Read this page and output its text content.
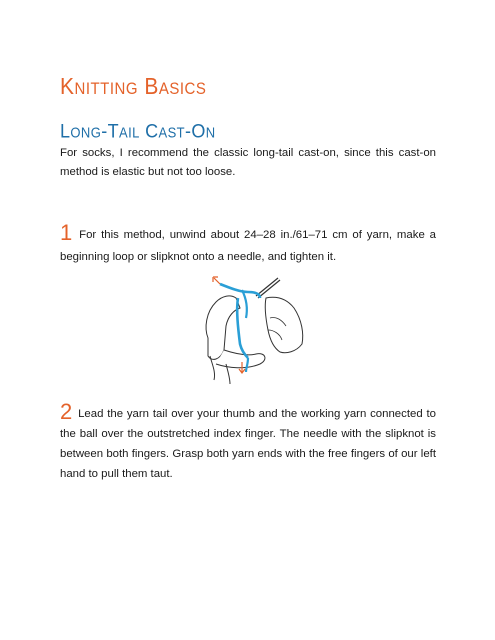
Knitting Basics
Long-Tail Cast-On

For socks, I recommend the classic long-tail cast-on, since this cast-on method is elastic but not too loose.

1 For this method, unwind about 24–28 in./61–71 cm of yarn, make a beginning loop or slipknot onto a needle, and tighten it.

2 Lead the yarn tail over your thumb and the working yarn connected to the ball over the outstretched index finger. The needle with the slipknot is between both fingers. Grasp both yarn ends with the free fingers of our left hand to pull them taut.
